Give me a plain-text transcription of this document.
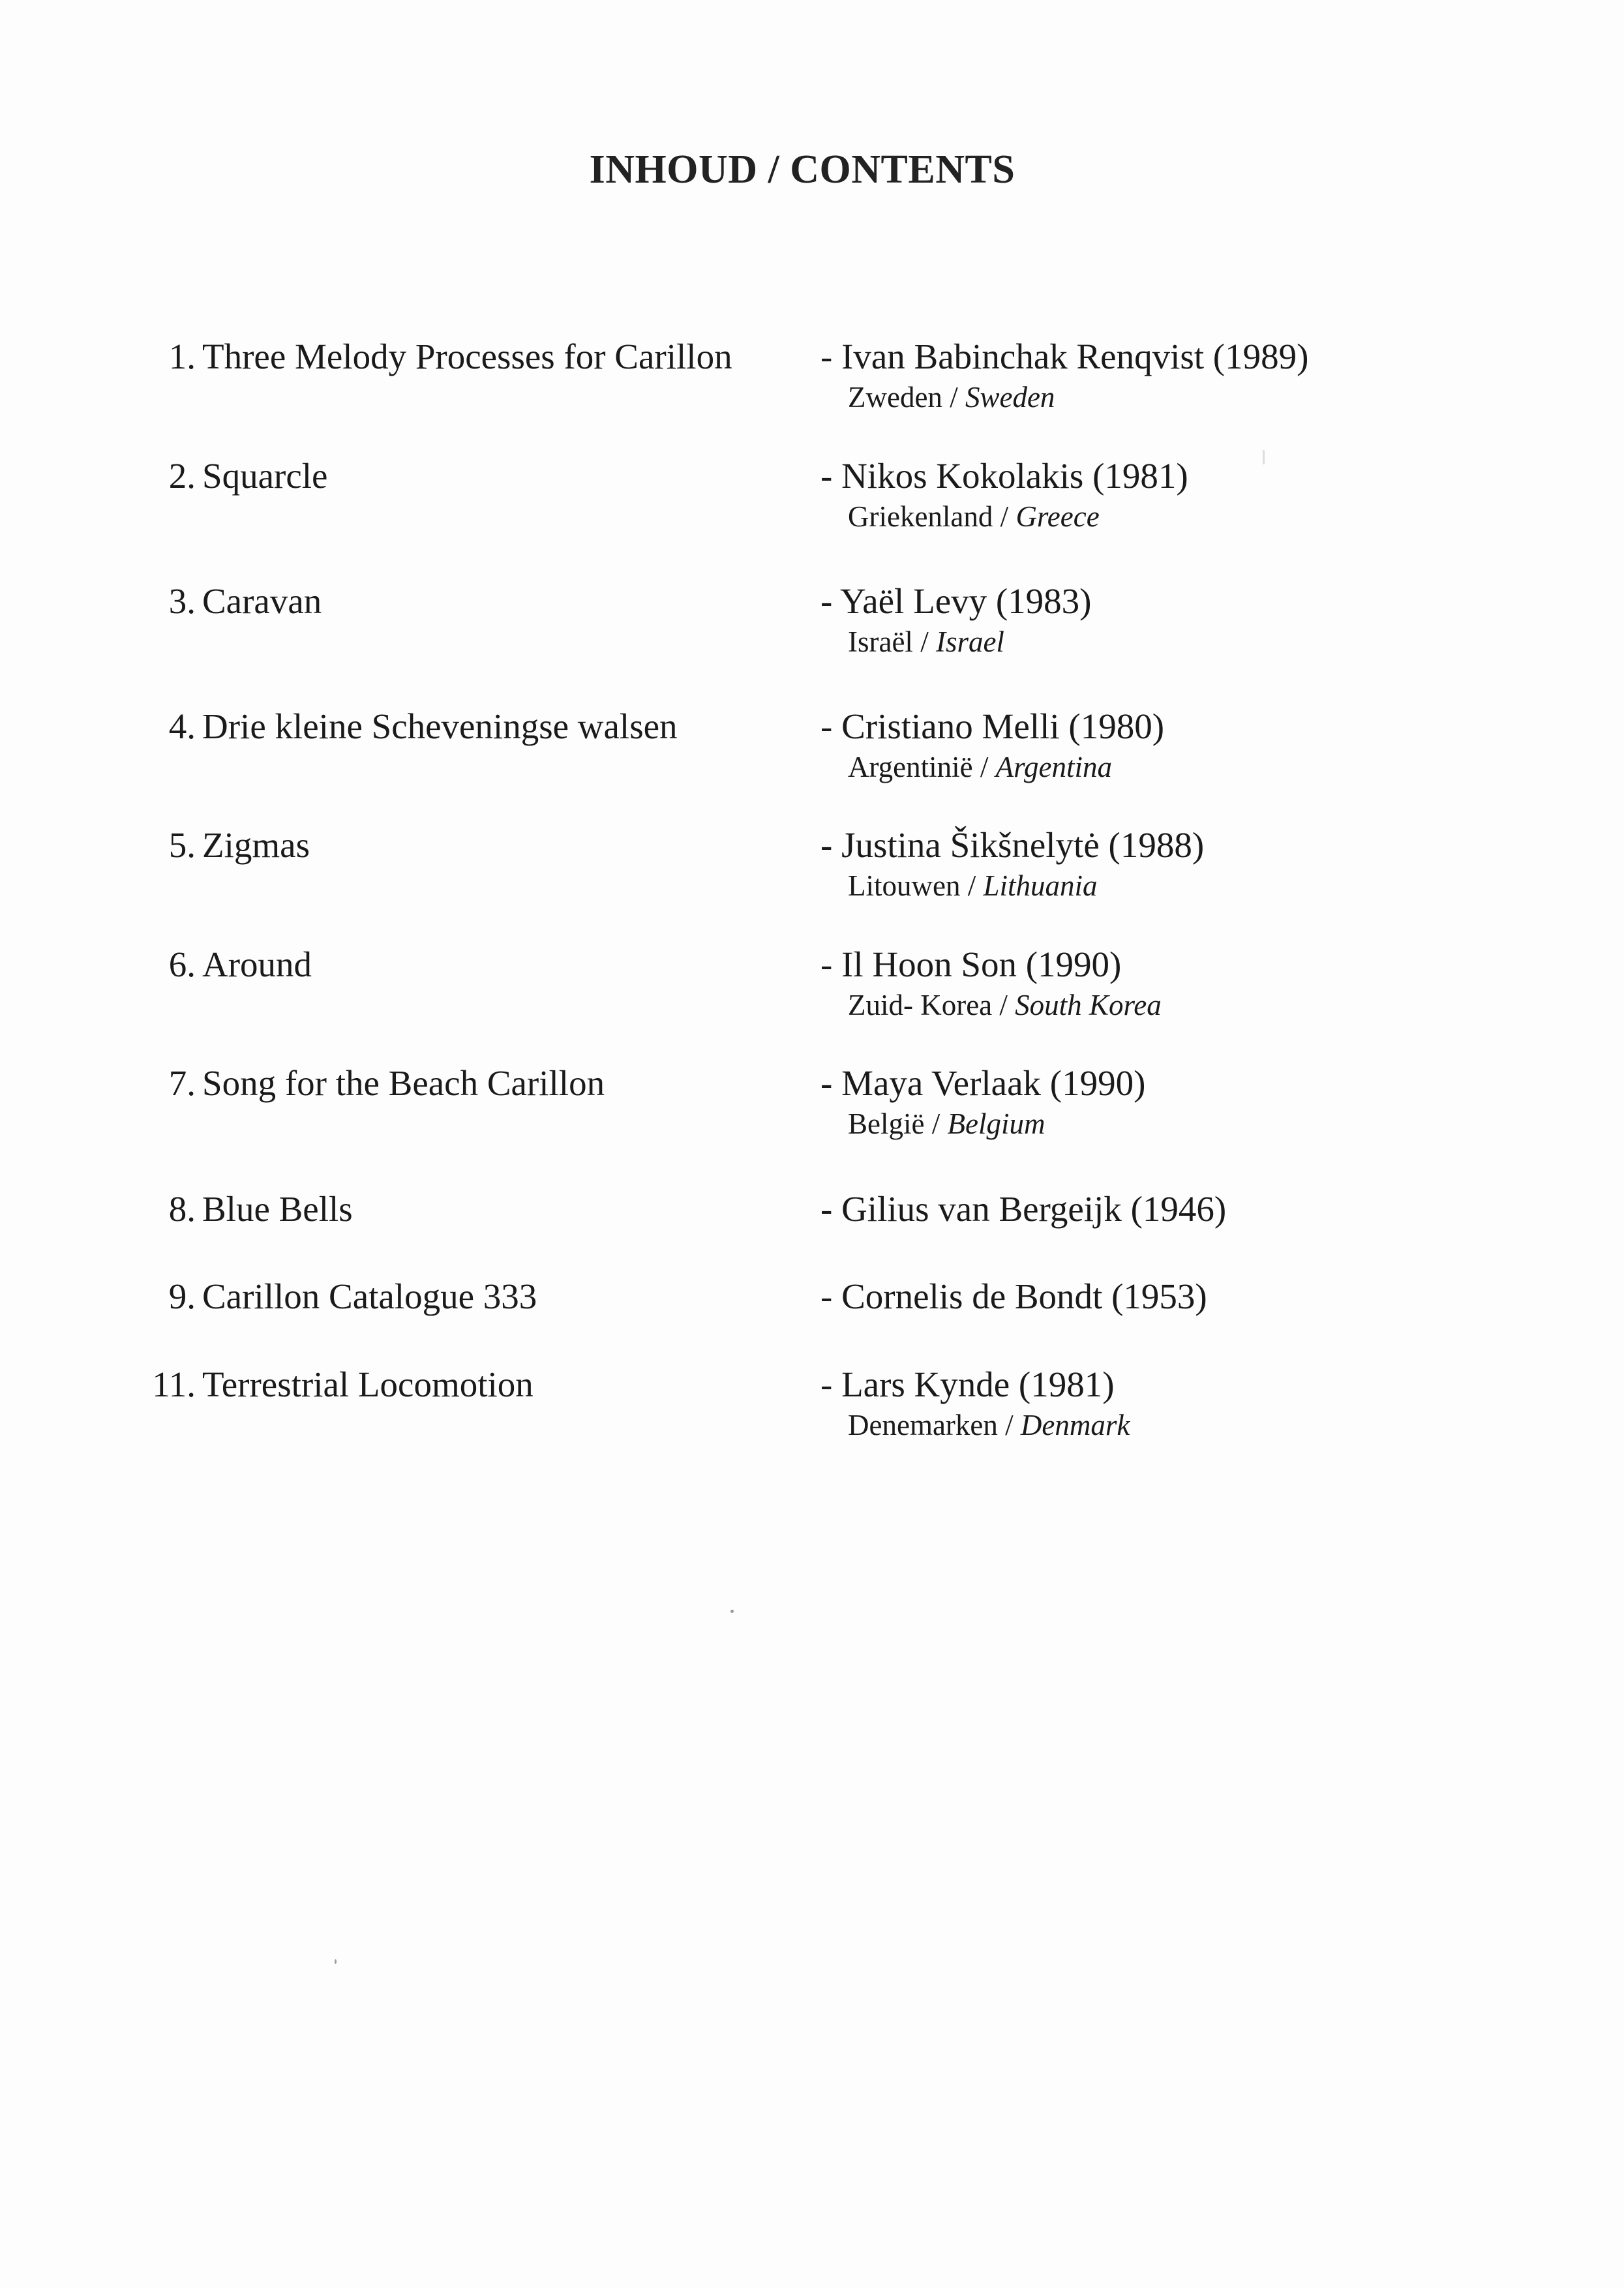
INHOUD / CONTENTS
1. Three Melody Processes for Carillon - Ivan Babinchak Renqvist (1989)
Zweden / Sweden
2. Squarcle	- Nikos Kokolakis (1981)
Griekenland / Greece
3. Caravan	- Yaël Levy (1983)
Israël / Israel
4. Drie kleine Scheveningse walsen	- Cristiano Melli (1980)
Argentinië / Argentina
5. Zigmas	- Justina Šikšnelytė (1988)
Litouwen / Lithuania
6. Around	- Il Hoon Son (1990)
Zuid- Korea / South Korea
7. Song for the Beach Carillon	- Maya Verlaak (1990)
België / Belgium
8. Blue Bells	- Gilius van Bergeijk (1946)
9. Carillon Catalogue 333	- Cornelis de Bondt (1953)
11. Terrestrial Locomotion	- Lars Kynde (1981)
Denemarken / Denmark
